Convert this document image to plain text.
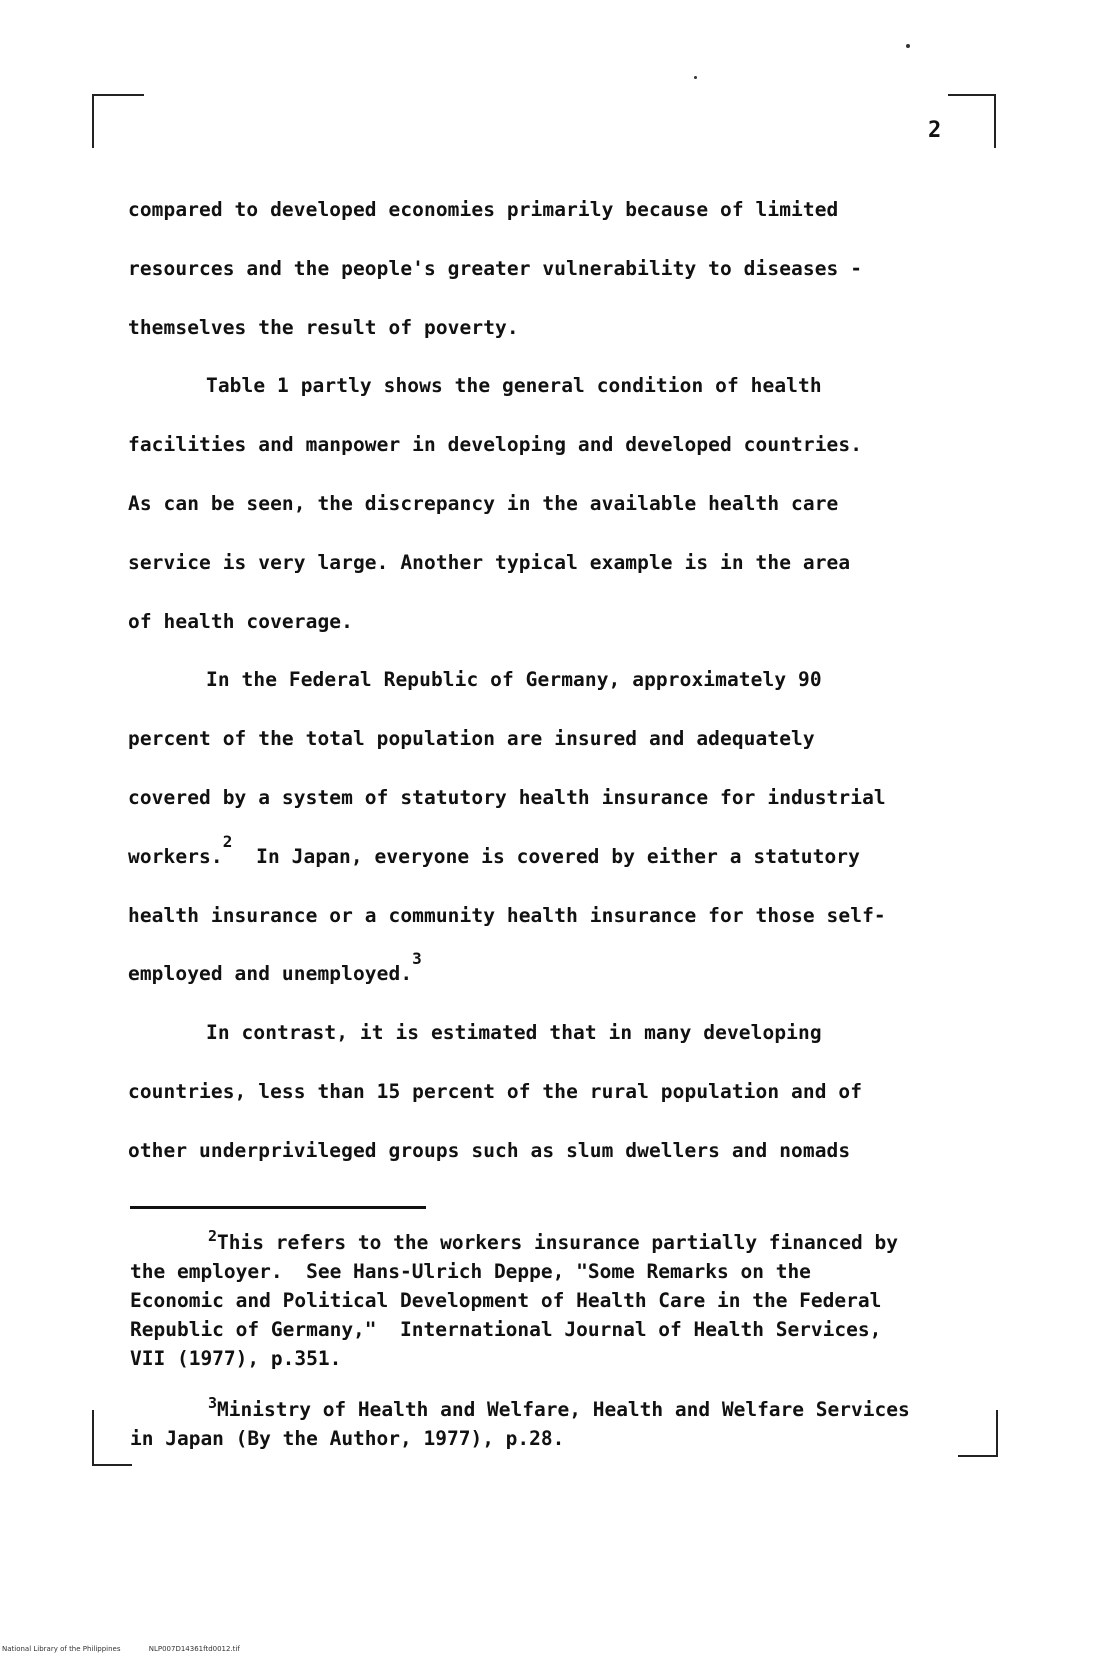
2
compared to developed economies primarily because of limited
resources and the people's greater vulnerability to diseases -
themselves the result of poverty.
Table 1 partly shows the general condition of health
facilities and manpower in developing and developed countries.
As can be seen, the discrepancy in the available health care
service is very large. Another typical example is in the area
of health coverage.
In the Federal Republic of Germany, approximately 90
percent of the total population are insured and adequately
covered by a system of statutory health insurance for industrial
workers.$^2$  In Japan, everyone is covered by either a statutory
health insurance or a community health insurance for those self-
employed and unemployed.$^3$
In contrast, it is estimated that in many developing
countries, less than 15 percent of the rural population and of
other underprivileged groups such as slum dwellers and nomads
$^2$This refers to the workers insurance partially financed by
the employer.  See Hans-Ulrich Deppe, "Some Remarks on the
Economic and Political Development of Health Care in the Federal
Republic of Germany,"  International Journal of Health Services,
VII (1977), p.351.
$^3$Ministry of Health and Welfare, Health and Welfare Services
in Japan (By the Author, 1977), p.28.
National Library of the Philippines	NLP007D14361ftd0012.tif
